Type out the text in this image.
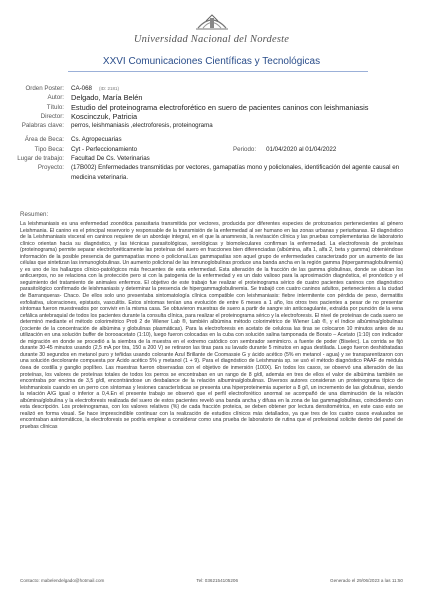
Universidad Nacional del Nordeste
XXVI Comunicaciones Científicas y Tecnológicas
Orden Poster:	CA-068 (ID: 2181)
Autor: Delgado, María Belén
Título: Estudio del proteinograma electroforético en suero de pacientes caninos con leishmaniasis
Director: Koscinczuk, Patricia
Palabras clave:	perros, leishmaniasis ,electroforesis, proteinograma
Área de Beca:	Cs. Agropecuarias
Tipo Beca:	Cyt - Perfeccionamiento	Periodo: 01/04/2020 al 01/04/2022
Lugar de trabajo:	Facultad De Cs. Veterinarias
Proyecto:	(17B002) Enfermedades transmitidas por vectores, gamapatías mono y policlonales, identificación del agente causal en medicina veterinaria.
Resumen:
La leishmaniasis es una enfermedad zoonótica parasitaria transmitida por vectores, producida por diferentes especies de protozoarios pertenecientes al género Leishmania. El canino es el principal reservorio y responsable de la transmisión de la enfermedad al ser humano en las zonas urbanas y periurbanas. El diagnóstico de la Leishmaniasis visceral en caninos requiere de un abordaje integral, en el que la anamnesis, la revisación clínica y las pruebas complementarias de laboratorio clínico orientan hacia su diagnóstico, y las técnicas parasitológicas, serológicas y biomoleculares confirman la enfermedad. La electroforesis de proteínas (proteinograma) permite separar electroforéticamente las proteínas del suero en fracciones bien diferenciadas (albúmina, alfa 1, alfa 2, beta y gamma) obteniéndose información de la posible presencia de gammapatías mono o policlonal.Las gammapatías son aquel grupo de enfermedades caracterizado por un aumento de las células que sintetizan las inmunoglobulinas. Un aumento policlonal de las inmunoglobulinas produce una banda ancha en la región gamma (hipergammaglobulinemia) y es uno de los hallazgos clínico-patológicos más frecuentes de esta enfermedad. Esta alteración de la fracción de las gamma globulinas, donde se ubican los anticuerpos, no se relaciona con la protección pero si con la patogenia de la enfermedad y es un dato valioso para la aproximación diagnóstica, el pronóstico y el seguimiento del tratamiento de animales enfermos. El objetivo de este trabajo fue realizar el proteinograma sérico de cuatro pacientes caninos con diagnóstico parasitológico confirmado de leishmaniasis y determinar la presencia de hipergammaglobulinemia. Se trabajó con cuatro caninos adultos, pertenecientes a la ciudad de Barranqueras- Chaco. De ellos solo uno presentaba sintomatología clínica compatible con leishmaniasis: fiebre intermitente con pérdida de peso, dermatitis exfoliativa, ulceraciones, epistaxis, vasculitis. Estos síntomas tenían una evolución de entre 6 meses a 1 año, los otros tres pacientes a pesar de no presentar síntomas fueron muestreados por convivir en la misma casa. Se obtuvieron muestras de suero a partir de sangre sin anticoagulante, extraída por punción de la vena cefálica antebraquial de todos los pacientes durante la consulta clínica, para realizar el proteinograma sérico y la electroforesis. El nivel de proteínas de cada suero se determinó mediante el método colorimétrico Proti 2 de Wiener Lab ®, también albúmina método colorimétrico de Wiener Lab ®, y el índice albúmina/globulinas (cociente de la concentración de albúmina y globulinas plasmáticas). Para la electroforesis en acetato de celulosa las tiras se colocaron 10 minutos antes de su utilización en una solución buffer de borooacetato (1:10), luego fueron colocadas en la cuba con solución salina tamponada de Borato – Acetato (1:10) con indicador de migración en donde se procedió a la siembra de la muestra en el extremo catódico con sembrador semimicro. a fuente de poder (Biselec). La corrida se fijó durante 30-45 minutos usando (2,5 mA por tira, 150 a 200 V) se retiraron las tiras para su lavado durante 5 minutos en agua destilada. Luego fueron deshidratadas durante 30 segundos en metanol puro y teñidas usando colorante Azul Brillante de Coomassie G y ácido acético (5% en metanol - agua) y se transparentizaron con una solución decolorante compuesta por Ácido acético 5% y metanol (1 + 9). Para el diagnóstico de Leishmania sp. se usó el método diagnóstico PAAF de médula ósea de costilla y ganglio poplíteo. Las muestras fueron observadas con el objetivo de inmersión (100X). En todos los casos, se observó una alteración de las proteínas, los valores de proteínas totales de todos los perros se encontraban en un rango de 8 g/dl, además en tres de ellos el valor de albúmina también se encontraba por encima de 3,5 g/dl, encontrándose un desbalance de la relación albumina/globulinas. Diversos autores consideran un proteinograma típico de leishmaniosis cuando en un perro con síntomas y lesiones características se presenta una hiperproteinemia superior a 8 g/l, un incremento de las globulinas, siendo la relación A/G igual o inferior a 0,4.En el presente trabajo se observó que el perfil electroforético anormal se acompañó de una disminución de la relación albúmina/globulina y la electroforesis realizada del suero de estos pacientes reveló una banda ancha y difusa en la zona de las gammaglobulinas, coincidiendo con esta descripción. Los proteinogramas, con los valores relativos (%) de cada fracción proteica, se deben obtener por lectura densitométrica, en este caso esto se realizó en forma visual. Se hace imprescindible continuar con la realización de estudios clínicos más detallados, ya que tres de los cuatro casos evaluados se encontraban asintomáticos, la electroforesis se podría emplear a considerar como una prueba de laboratorio de rutina que el profesional solicite dentro del panel de pruebas clínicas
Contacto: mabelendelgado@hotmail.com	Tel: 0362154105206	Generado el 29/06/2023 a las 11:50
